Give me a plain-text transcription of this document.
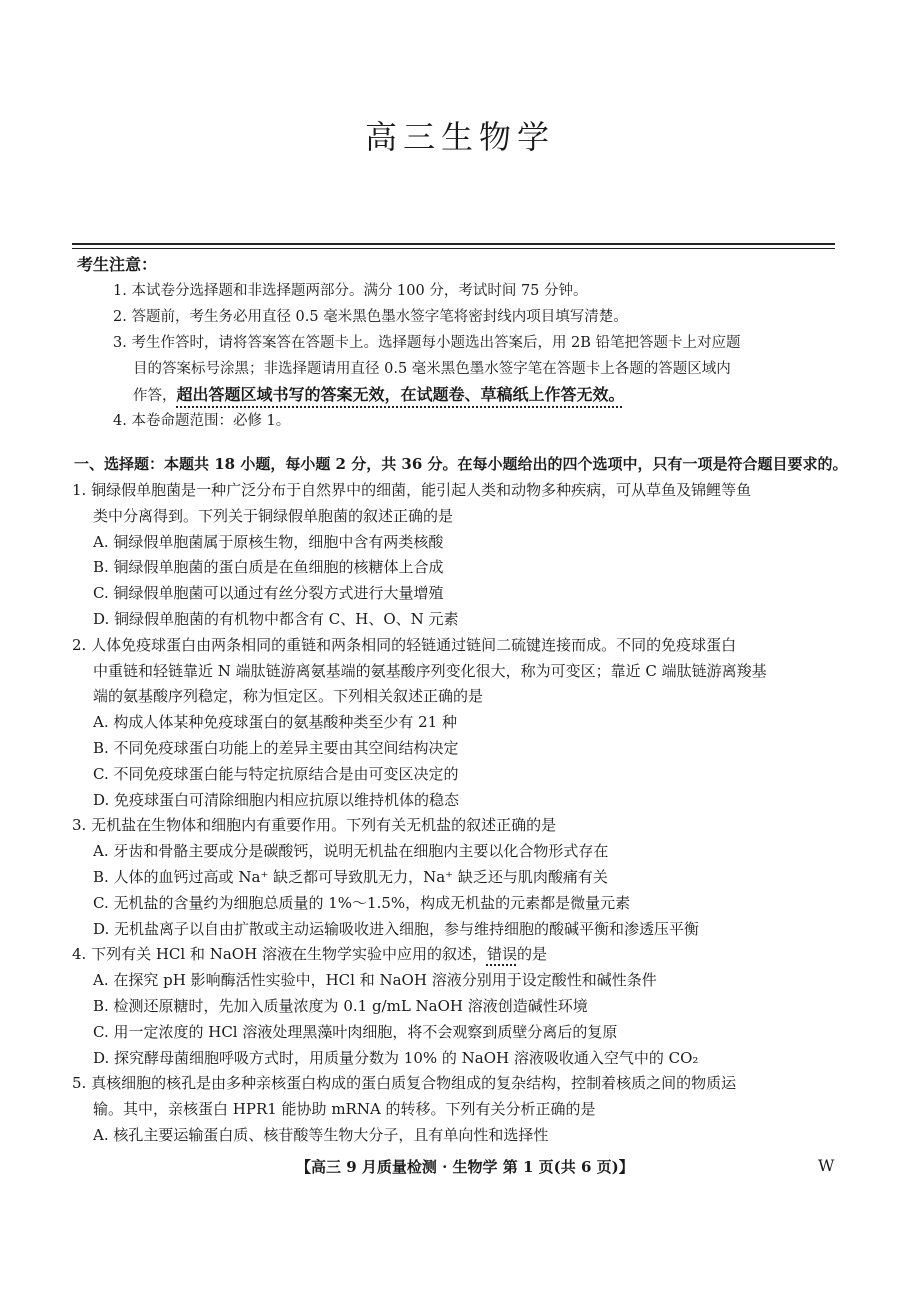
高三生物学
考生注意：
1. 本试卷分选择题和非选择题两部分。满分 100 分，考试时间 75 分钟。
2. 答题前，考生务必用直径 0.5 毫米黑色墨水签字笔将密封线内项目填写清楚。
3. 考生作答时，请将答案答在答题卡上。选择题每小题选出答案后，用 2B 铅笔把答题卡上对应题
目的答案标号涂黑；非选择题请用直径 0.5 毫米黑色墨水签字笔在答题卡上各题的答题区域内
作答，超出答题区域书写的答案无效，在试题卷、草稿纸上作答无效。
4. 本卷命题范围：必修 1。
一、选择题：本题共 18 小题，每小题 2 分，共 36 分。在每小题给出的四个选项中，只有一项是符合题目要求的。
1. 铜绿假单胞菌是一种广泛分布于自然界中的细菌，能引起人类和动物多种疾病，可从草鱼及锦鲤等鱼
类中分离得到。下列关于铜绿假单胞菌的叙述正确的是
A. 铜绿假单胞菌属于原核生物，细胞中含有两类核酸
B. 铜绿假单胞菌的蛋白质是在鱼细胞的核糖体上合成
C. 铜绿假单胞菌可以通过有丝分裂方式进行大量增殖
D. 铜绿假单胞菌的有机物中都含有 C、H、O、N 元素
2. 人体免疫球蛋白由两条相同的重链和两条相同的轻链通过链间二硫键连接而成。不同的免疫球蛋白
中重链和轻链靠近 N 端肽链游离氨基端的氨基酸序列变化很大，称为可变区；靠近 C 端肽链游离羧基
端的氨基酸序列稳定，称为恒定区。下列相关叙述正确的是
A. 构成人体某种免疫球蛋白的氨基酸种类至少有 21 种
B. 不同免疫球蛋白功能上的差异主要由其空间结构决定
C. 不同免疫球蛋白能与特定抗原结合是由可变区决定的
D. 免疫球蛋白可清除细胞内相应抗原以维持机体的稳态
3. 无机盐在生物体和细胞内有重要作用。下列有关无机盐的叙述正确的是
A. 牙齿和骨骼主要成分是碳酸钙，说明无机盐在细胞内主要以化合物形式存在
B. 人体的血钙过高或 Na⁺ 缺乏都可导致肌无力，Na⁺ 缺乏还与肌肉酸痛有关
C. 无机盐的含量约为细胞总质量的 1%～1.5%，构成无机盐的元素都是微量元素
D. 无机盐离子以自由扩散或主动运输吸收进入细胞，参与维持细胞的酸碱平衡和渗透压平衡
4. 下列有关 HCl 和 NaOH 溶液在生物学实验中应用的叙述，错误的是
A. 在探究 pH 影响酶活性实验中，HCl 和 NaOH 溶液分别用于设定酸性和碱性条件
B. 检测还原糖时，先加入质量浓度为 0.1 g/mL NaOH 溶液创造碱性环境
C. 用一定浓度的 HCl 溶液处理黑藻叶肉细胞，将不会观察到质壁分离后的复原
D. 探究酵母菌细胞呼吸方式时，用质量分数为 10% 的 NaOH 溶液吸收通入空气中的 CO₂
5. 真核细胞的核孔是由多种亲核蛋白构成的蛋白质复合物组成的复杂结构，控制着核质之间的物质运
输。其中，亲核蛋白 HPR1 能协助 mRNA 的转移。下列有关分析正确的是
A. 核孔主要运输蛋白质、核苷酸等生物大分子，且有单向性和选择性
【高三 9 月质量检测 · 生物学 第 1 页(共 6 页)】	W
